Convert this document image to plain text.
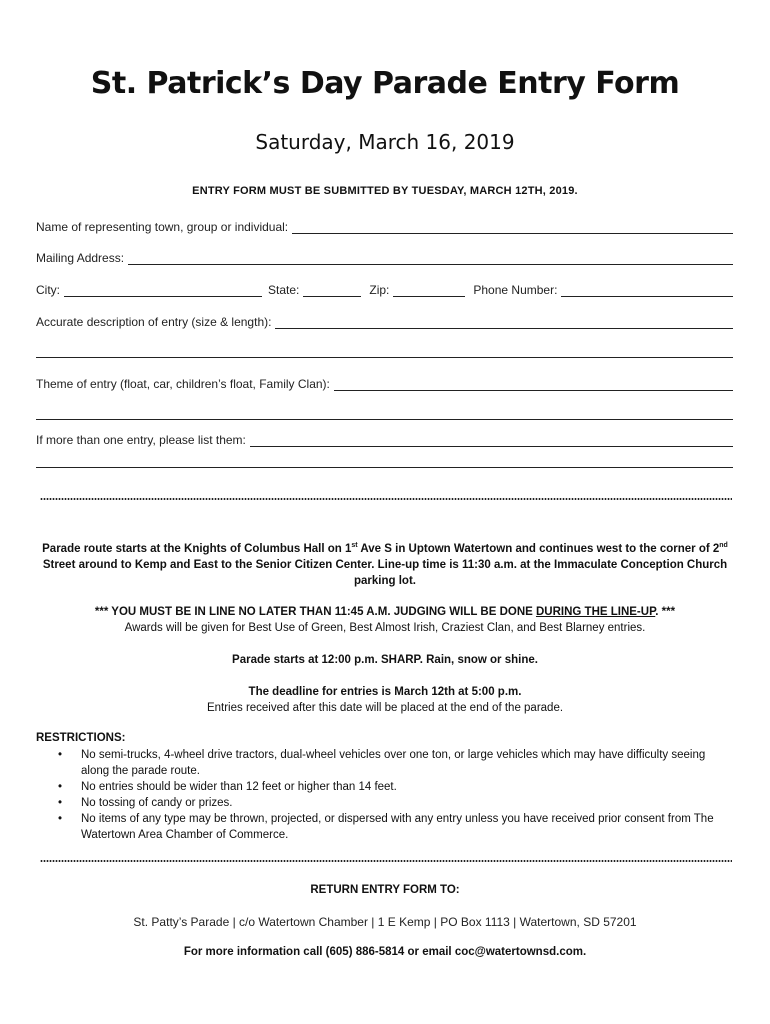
St. Patrick’s Day Parade Entry Form
Saturday, March 16, 2019
ENTRY FORM MUST BE SUBMITTED BY TUESDAY, MARCH 12TH, 2019.
Name of representing town, group or individual:
Mailing Address:
City:	State:	Zip:	Phone Number:
Accurate description of entry (size & length):
Theme of entry (float, car, children’s float, Family Clan):
If more than one entry, please list them:
Parade route starts at the Knights of Columbus Hall on 1st Ave S in Uptown Watertown and continues west to the corner of 2nd Street around to Kemp and East to the Senior Citizen Center. Line-up time is 11:30 a.m. at the Immaculate Conception Church parking lot.
*** YOU MUST BE IN LINE NO LATER THAN 11:45 A.M. JUDGING WILL BE DONE DURING THE LINE-UP. ***
Awards will be given for Best Use of Green, Best Almost Irish, Craziest Clan, and Best Blarney entries.
Parade starts at 12:00 p.m. SHARP. Rain, snow or shine.
The deadline for entries is March 12th at 5:00 p.m.
Entries received after this date will be placed at the end of the parade.
RESTRICTIONS:
• No semi-trucks, 4-wheel drive tractors, dual-wheel vehicles over one ton, or large vehicles which may have difficulty seeing along the parade route.
• No entries should be wider than 12 feet or higher than 14 feet.
• No tossing of candy or prizes.
• No items of any type may be thrown, projected, or dispersed with any entry unless you have received prior consent from The Watertown Area Chamber of Commerce.
RETURN ENTRY FORM TO:
St. Patty’s Parade | c/o Watertown Chamber | 1 E Kemp | PO Box 1113 | Watertown, SD 57201
For more information call (605) 886-5814 or email coc@watertownsd.com.
